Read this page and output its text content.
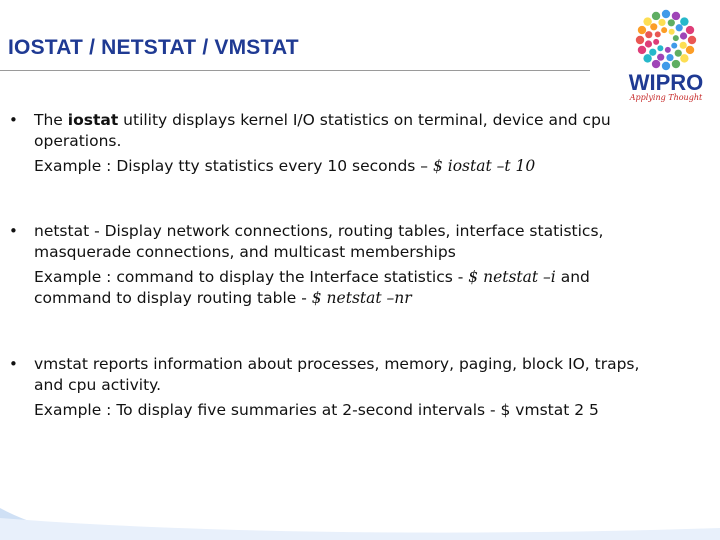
IOSTAT / NETSTAT / VMSTAT
WIPRO
Applying Thought
• The iostat utility displays kernel I/O statistics on terminal, device and cpu operations.
Example : Display tty statistics every 10 seconds – $ iostat –t 10
• netstat - Display network connections, routing tables, interface statistics, masquerade connections, and multicast memberships
Example : command to display the Interface statistics - $ netstat –i and command to display routing table - $ netstat –nr
• vmstat reports information about processes, memory, paging, block IO, traps, and cpu activity.
Example : To display five summaries at 2-second intervals - $ vmstat 2 5
